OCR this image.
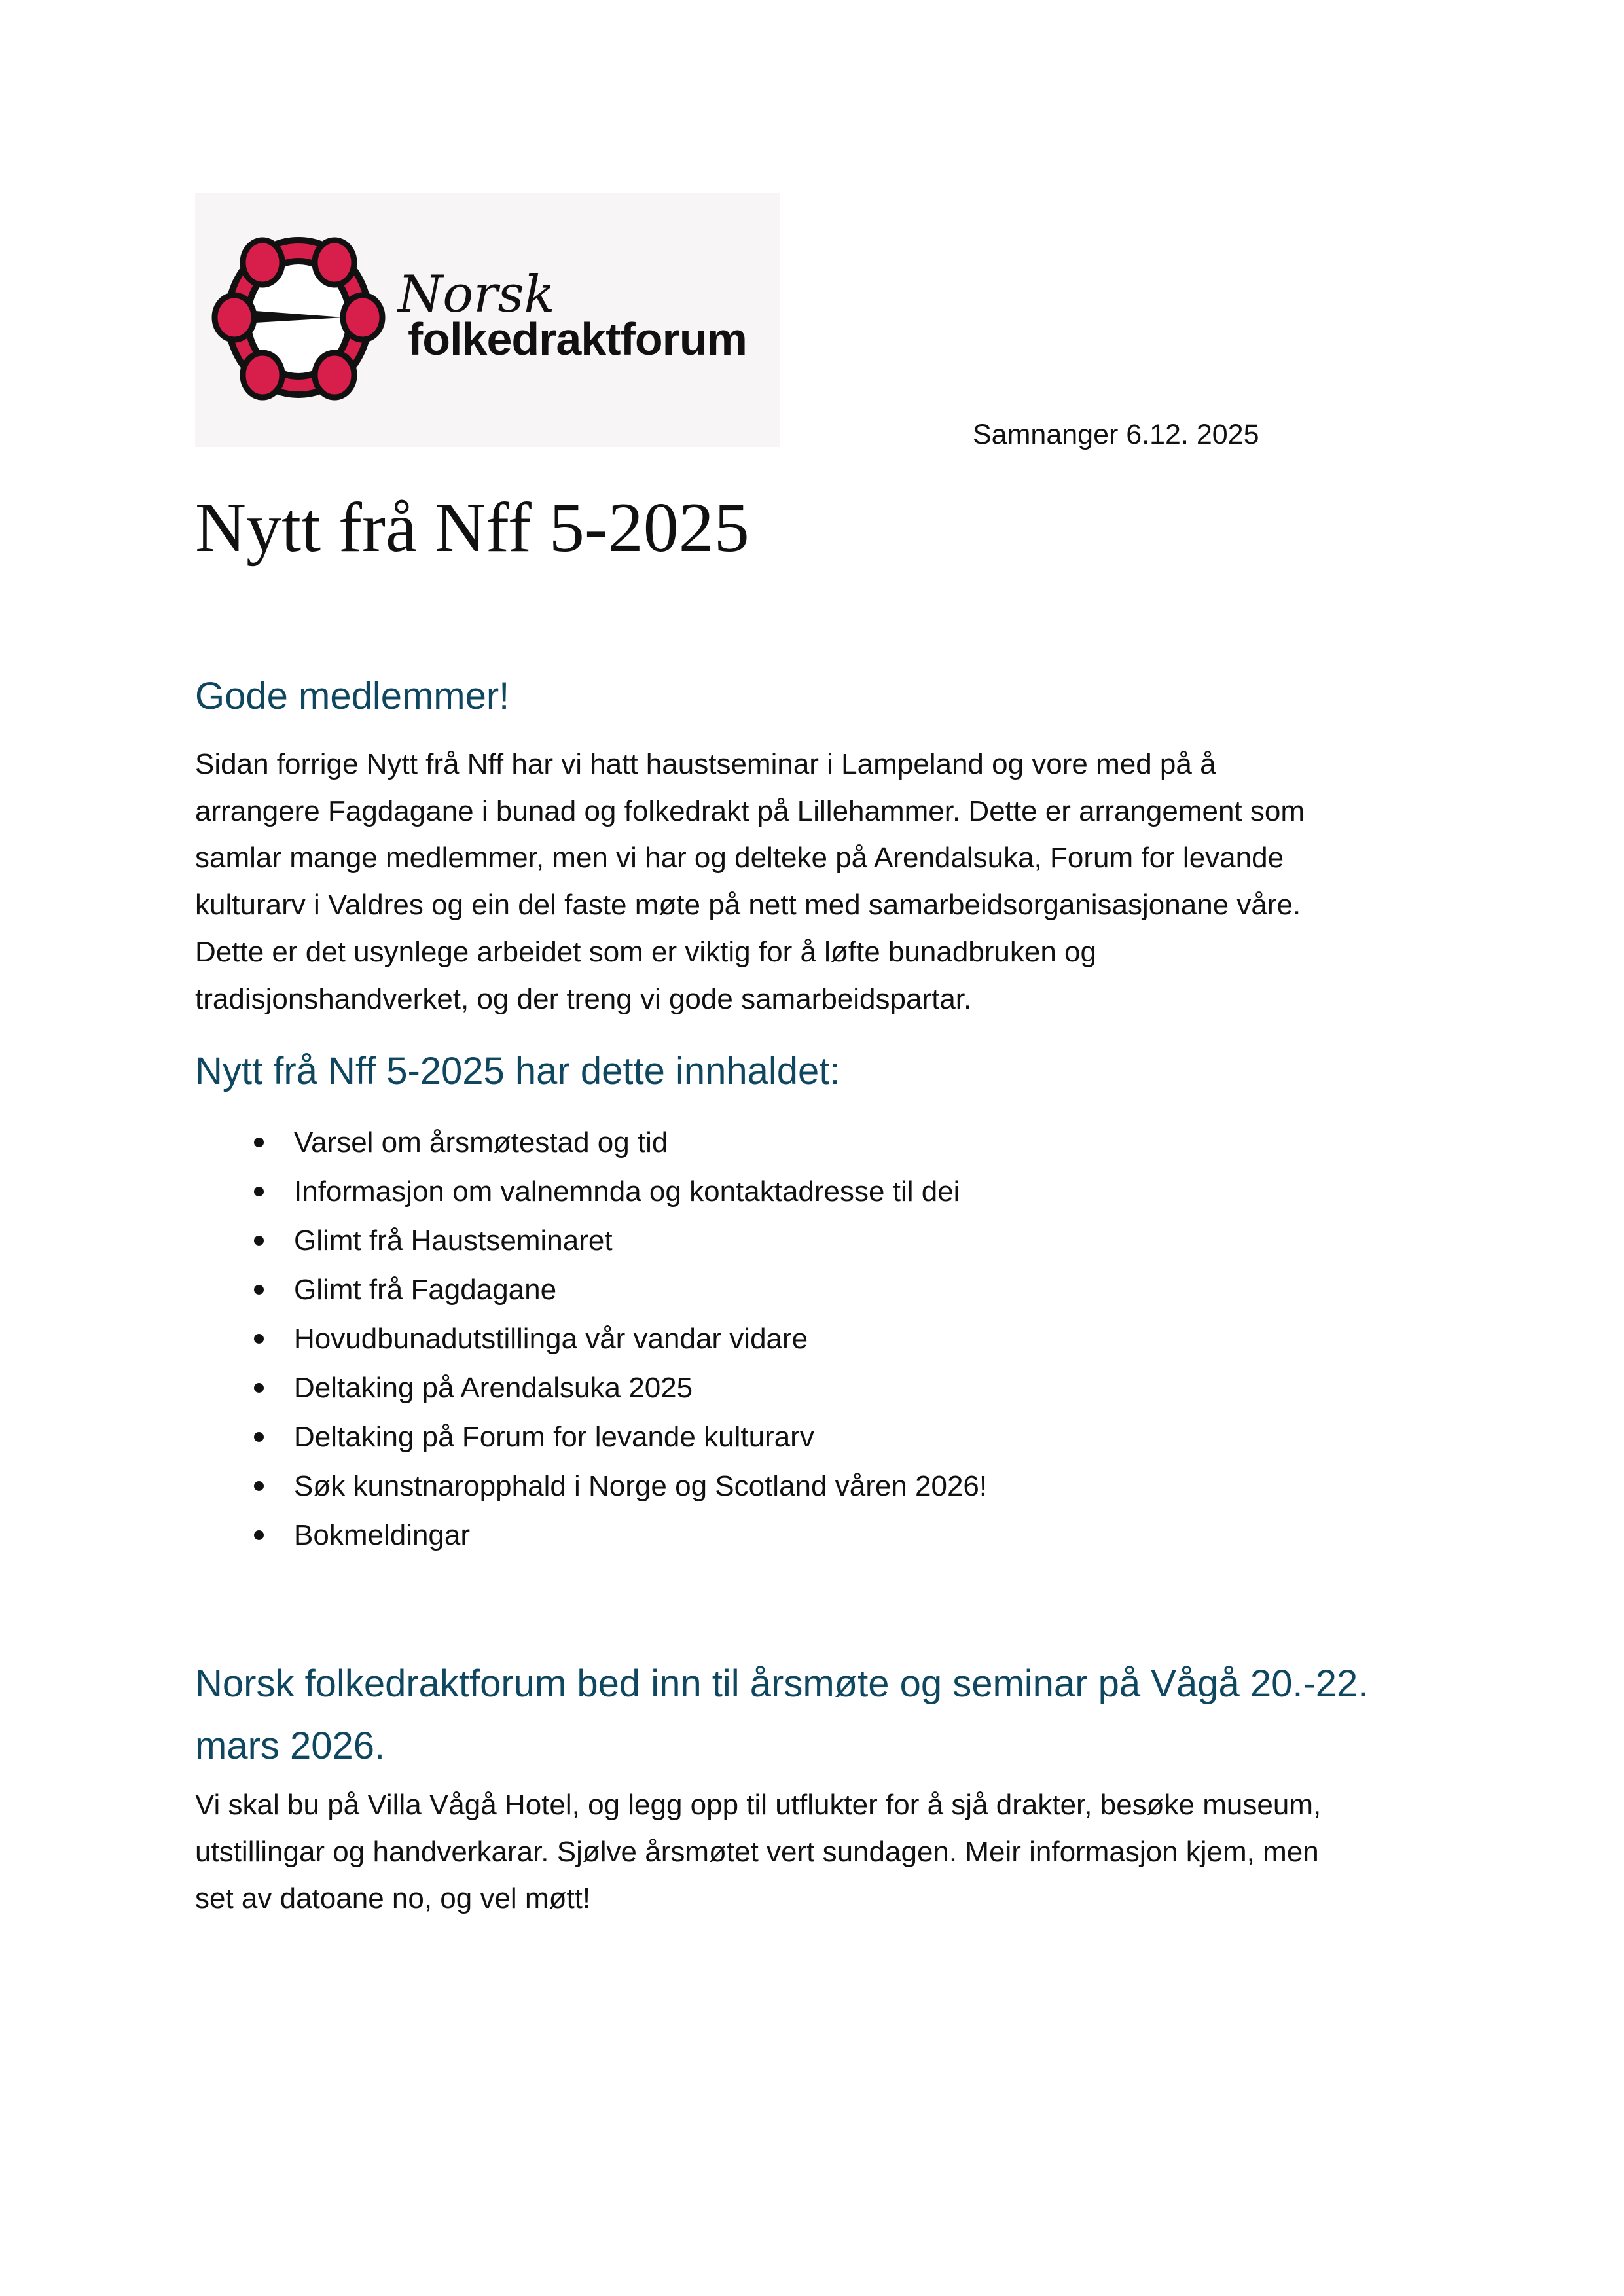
Norsk
folkedraktforum
Samnanger 6.12. 2025
Nytt frå Nff 5-2025
Gode medlemmer!
Sidan forrige Nytt frå Nff har vi hatt haustseminar i Lampeland og vore med på å
arrangere Fagdagane i bunad og folkedrakt på Lillehammer. Dette er arrangement som
samlar mange medlemmer, men vi har og delteke på Arendalsuka, Forum for levande
kulturarv i Valdres og ein del faste møte på nett med samarbeidsorganisasjonane våre.
Dette er det usynlege arbeidet som er viktig for å løfte bunadbruken og
tradisjonshandverket, og der treng vi gode samarbeidspartar.
Nytt frå Nff 5-2025 har dette innhaldet:
Varsel om årsmøtestad og tid
Informasjon om valnemnda og kontaktadresse til dei
Glimt frå Haustseminaret
Glimt frå Fagdagane
Hovudbunadutstillinga vår vandar vidare
Deltaking på Arendalsuka 2025
Deltaking på Forum for levande kulturarv
Søk kunstnaropphald i Norge og Scotland våren 2026!
Bokmeldingar
Norsk folkedraktforum bed inn til årsmøte og seminar på Vågå 20.-22.
mars 2026.
Vi skal bu på Villa Vågå Hotel, og legg opp til utflukter for å sjå drakter, besøke museum,
utstillingar og handverkarar. Sjølve årsmøtet vert sundagen. Meir informasjon kjem, men
set av datoane no, og vel møtt!
